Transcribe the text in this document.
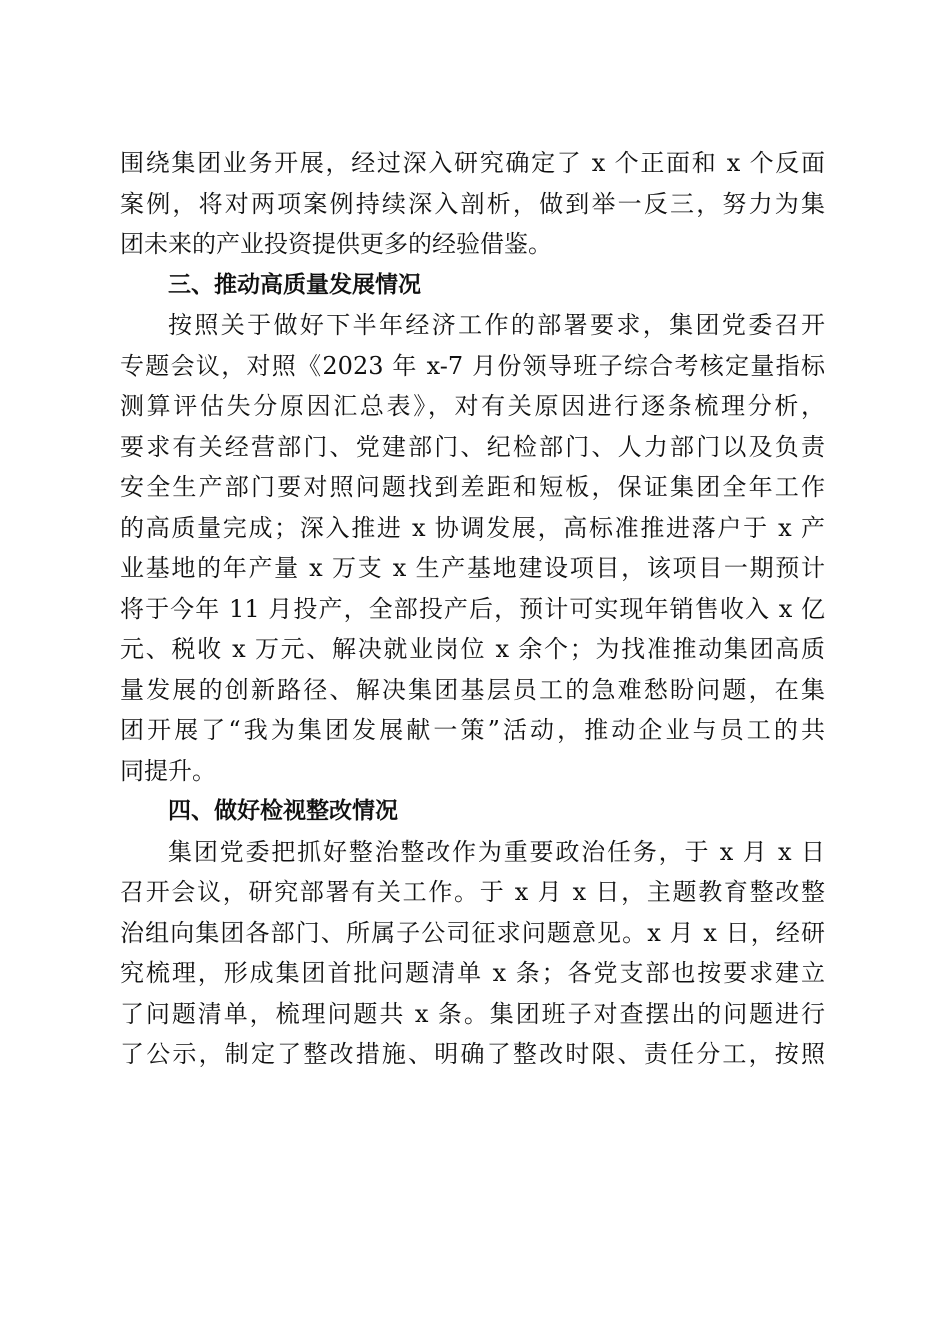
围绕集团业务开展，经过深入研究确定了 x 个正面和 x 个反面
案例，将对两项案例持续深入剖析，做到举一反三，努力为集
团未来的产业投资提供更多的经验借鉴。
三、推动高质量发展情况
按照关于做好下半年经济工作的部署要求，集团党委召开
专题会议，对照《2023 年 x-7 月份领导班子综合考核定量指标
测算评估失分原因汇总表》，对有关原因进行逐条梳理分析，
要求有关经营部门、党建部门、纪检部门、人力部门以及负责
安全生产部门要对照问题找到差距和短板，保证集团全年工作
的高质量完成；深入推进 x 协调发展，高标准推进落户于 x 产
业基地的年产量 x 万支 x 生产基地建设项目，该项目一期预计
将于今年 11 月投产，全部投产后，预计可实现年销售收入 x 亿
元、税收 x 万元、解决就业岗位 x 余个；为找准推动集团高质
量发展的创新路径、解决集团基层员工的急难愁盼问题，在集
团开展了“我为集团发展献一策”活动，推动企业与员工的共
同提升。
四、做好检视整改情况
集团党委把抓好整治整改作为重要政治任务，于 x 月 x 日
召开会议，研究部署有关工作。于 x 月 x 日，主题教育整改整
治组向集团各部门、所属子公司征求问题意见。x 月 x 日，经研
究梳理，形成集团首批问题清单 x 条；各党支部也按要求建立
了问题清单，梳理问题共 x 条。集团班子对查摆出的问题进行
了公示，制定了整改措施、明确了整改时限、责任分工，按照
